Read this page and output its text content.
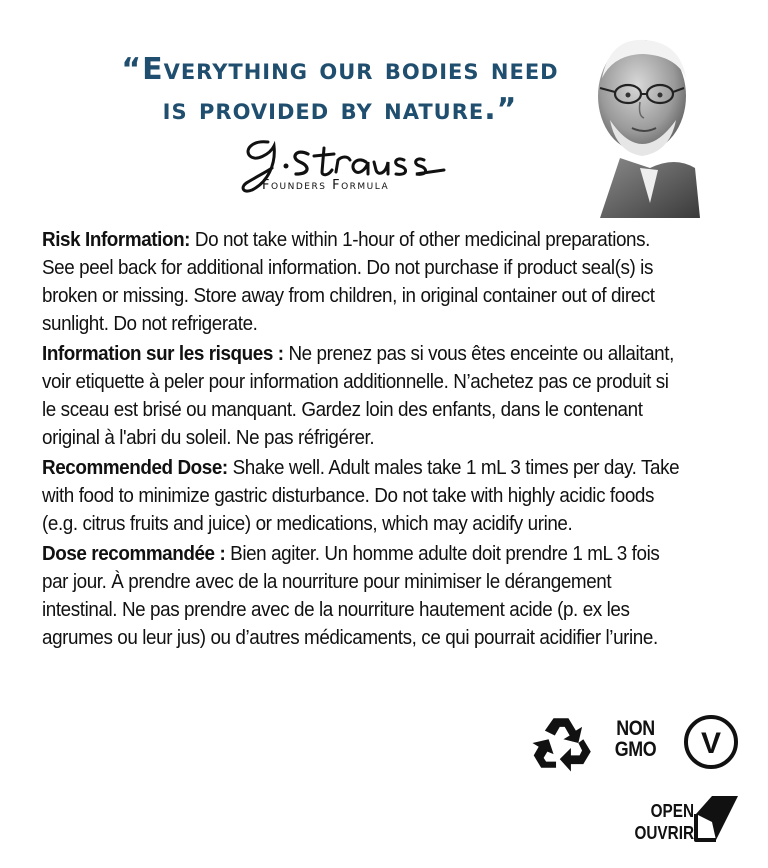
“Everything our bodies need
is provided by nature.”
Founders Formula

Risk Information: Do not take within 1-hour of other medicinal preparations. See peel back for additional information. Do not purchase if product seal(s) is broken or missing. Store away from children, in original container out of direct sunlight. Do not refrigerate.

Information sur les risques : Ne prenez pas si vous êtes enceinte ou allaitant, voir etiquette à peler pour information additionnelle. N’achetez pas ce produit si le sceau est brisé ou manquant. Gardez loin des enfants, dans le contenant original à l'abri du soleil. Ne pas réfrigérer.

Recommended Dose: Shake well. Adult males take 1 mL 3 times per day. Take with food to minimize gastric disturbance. Do not take with highly acidic foods (e.g. citrus fruits and juice) or medications, which may acidify urine.

Dose recommandée : Bien agiter. Un homme adulte doit prendre 1 mL 3 fois par jour. À prendre avec de la nourriture pour minimiser le dérangement intestinal. Ne pas prendre avec de la nourriture hautement acide (p. ex les agrumes ou leur jus) ou d’autres médicaments, ce qui pourrait acidifier l’urine.

NON
GMO V
OPEN
OUVRIR
